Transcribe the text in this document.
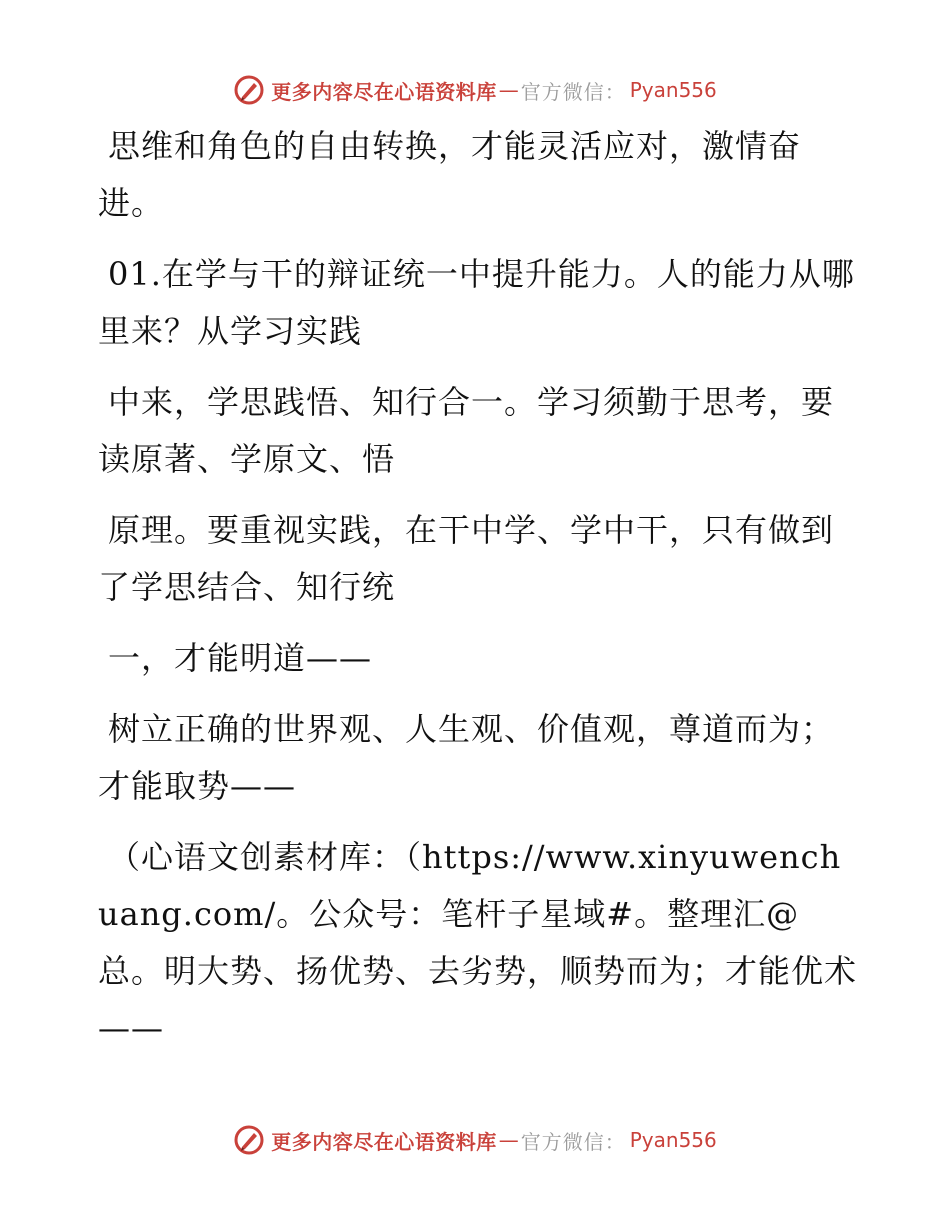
更多内容尽在心语资料库 — 官方微信： Pyan556

思维和角色的自由转换，才能灵活应对，激情奋进。

01.在学与干的辩证统一中提升能力。人的能力从哪里来？从学习实践

中来，学思践悟、知行合一。学习须勤于思考，要读原著、学原文、悟

原理。要重视实践，在干中学、学中干，只有做到了学思结合、知行统

一，才能明道——

树立正确的世界观、人生观、价值观，尊道而为；才能取势——

（心语文创素材库：（https://www.xinyuwenchuang.com/。公众号：笔杆子星域#。整理汇@总。明大势、扬优势、去劣势，顺势而为；才能优术——

更多内容尽在心语资料库 — 官方微信： Pyan556
